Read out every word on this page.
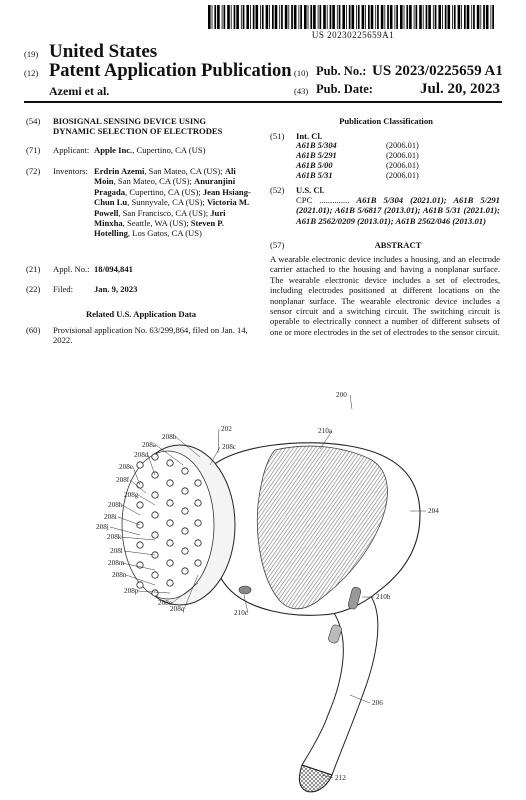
US 20230225659A1
(19) United States
(12) Patent Application Publication
Azemi et al.
(10) Pub. No.: US 2023/0225659 A1
(43) Pub. Date:	Jul. 20, 2023
(54) BIOSIGNAL SENSING DEVICE USING DYNAMIC SELECTION OF ELECTRODES
(71) Applicant: Apple Inc., Cupertino, CA (US)
(72) Inventors: Erdrin Azemi, San Mateo, CA (US); Ali Moin, San Mateo, CA (US); Anuranjini Pragada, Cupertino, CA (US); Jean Hsiang-Chun Lu, Sunnyvale, CA (US); Victoria M. Powell, San Francisco, CA (US); Juri Minxha, Seattle, WA (US); Steven P. Hotelling, Los Gatos, CA (US)
(21) Appl. No.: 18/094,841
(22) Filed: Jan. 9, 2023
Related U.S. Application Data
(60) Provisional application No. 63/299,864, filed on Jan. 14, 2022.
Publication Classification
(51) Int. Cl.
A61B 5/304	(2006.01)
A61B 5/291	(2006.01)
A61B 5/00	(2006.01)
A61B 5/31	(2006.01)
(52) U.S. Cl.
CPC .............. A61B 5/304 (2021.01); A61B 5/291 (2021.01); A61B 5/6817 (2013.01); A61B 5/31 (2021.01); A61B 2562/0209 (2013.01); A61B 2562/046 (2013.01)
(57)	ABSTRACT
A wearable electronic device includes a housing, and an electrode carrier attached to the housing and having a nonplanar surface. The wearable electronic device includes a set of electrodes, including electrodes positioned at different locations on the nonplanar surface. The wearable electronic device includes a sensor circuit and a switching circuit. The switching circuit is operable to electrically connect a number of different subsets of one or more electrodes in the set of electrodes to the sensor circuit.
200
202
204
206
212
210a
210b
210c
208a
208b
208c
208d
208e
208f
208g
208h
208i
208j
208k
208l
208m
208n
208o
208p
208q
